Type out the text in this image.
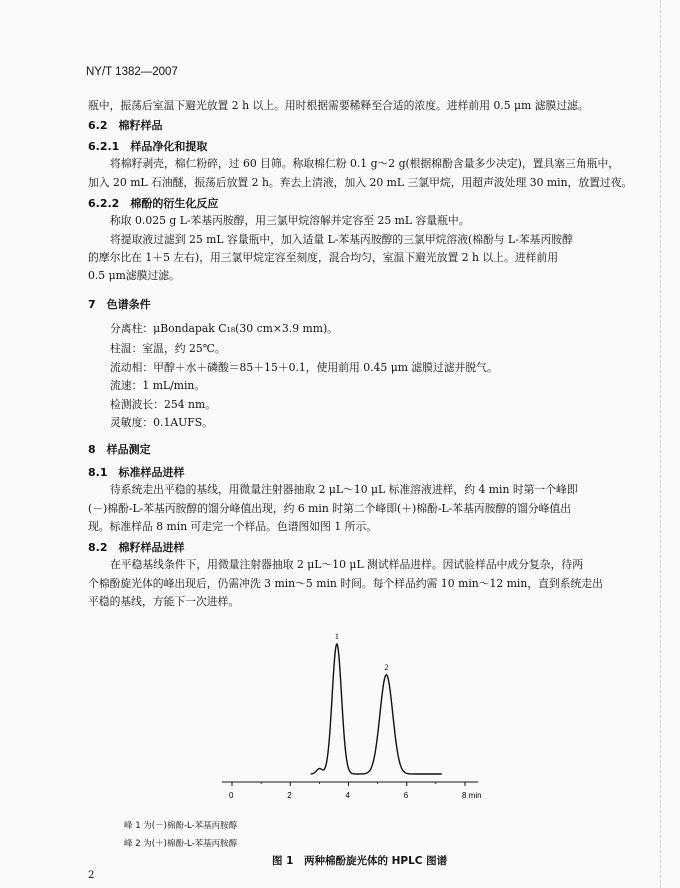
NY/T 1382—2007
瓶中，振荡后室温下避光放置 2 h 以上。用时根据需要稀释至合适的浓度。进样前用 0.5 μm 滤膜过滤。
6.2　棉籽样品
6.2.1　样品净化和提取
将棉籽剥壳，棉仁粉碎，过 60 目筛。称取棉仁粉 0.1 g～2 g(根据棉酚含量多少决定)，置具塞三角瓶中，
加入 20 mL 石油醚，振荡后放置 2 h。弃去上清液，加入 20 mL 三氯甲烷，用超声波处理 30 min，放置过夜。
6.2.2　棉酚的衍生化反应
称取 0.025 g L-苯基丙胺醇，用三氯甲烷溶解并定容至 25 mL 容量瓶中。
将提取液过滤到 25 mL 容量瓶中，加入适量 L-苯基丙胺醇的三氯甲烷溶液(棉酚与 L-苯基丙胺醇
的摩尔比在 1＋5 左右)，用三氯甲烷定容至刻度，混合均匀，室温下避光放置 2 h 以上。进样前用
0.5 μm滤膜过滤。
7　色谱条件
分离柱：μBondapak C₁₈(30 cm×3.9 mm)。
柱温：室温，约 25℃。
流动相：甲醇＋水＋磷酸＝85＋15＋0.1，使用前用 0.45 μm 滤膜过滤并脱气。
流速：1 mL/min。
检测波长：254 nm。
灵敏度：0.1AUFS。
8　样品测定
8.1　标准样品进样
待系统走出平稳的基线，用微量注射器抽取 2 μL～10 μL 标准溶液进样，约 4 min 时第一个峰即
(－)棉酚-L-苯基丙胺醇的馏分峰值出现，约 6 min 时第二个峰即(＋)棉酚-L-苯基丙胺醇的馏分峰值出
现。标准样品 8 min 可走完一个样品。色谱图如图 1 所示。
8.2　棉籽样品进样
在平稳基线条件下，用微量注射器抽取 2 μL～10 μL 测试样品进样。因试验样品中成分复杂，待两
个棉酚旋光体的峰出现后，仍需冲洗 3 min～5 min 时间。每个样品约需 10 min～12 min，直到系统走出
平稳的基线，方能下一次进样。
0	2	4	6	8 min
1
2
峰 1 为(－)棉酚-L-苯基丙胺醇
峰 2 为(＋)棉酚-L-苯基丙胺醇
图 1　两种棉酚旋光体的 HPLC 图谱
2
